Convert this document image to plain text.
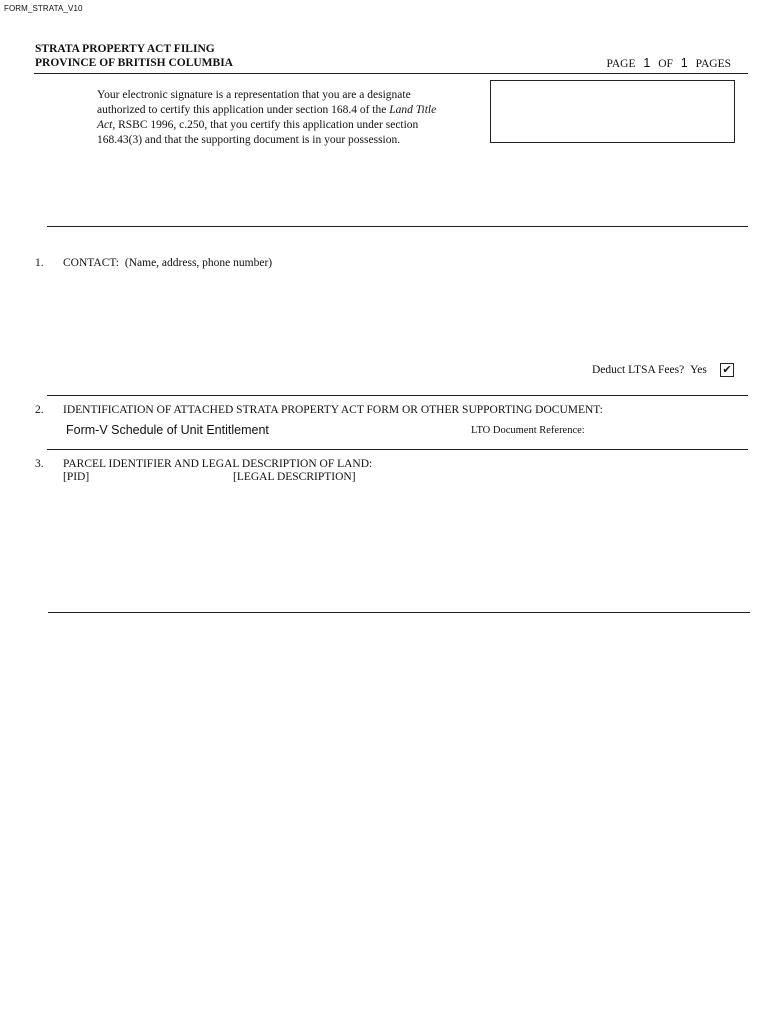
FORM_STRATA_V10
STRATA PROPERTY ACT FILING
PROVINCE OF BRITISH COLUMBIA	PAGE 1 OF 1 PAGES
Your electronic signature is a representation that you are a designate authorized to certify this application under section 168.4 of the Land Title Act, RSBC 1996, c.250, that you certify this application under section 168.43(3) and that the supporting document is in your possession.
1. CONTACT: (Name, address, phone number)
Deduct LTSA Fees? Yes ✔
2. IDENTIFICATION OF ATTACHED STRATA PROPERTY ACT FORM OR OTHER SUPPORTING DOCUMENT:
Form-V Schedule of Unit Entitlement	LTO Document Reference:
3. PARCEL IDENTIFIER AND LEGAL DESCRIPTION OF LAND:
[PID]	[LEGAL DESCRIPTION]
